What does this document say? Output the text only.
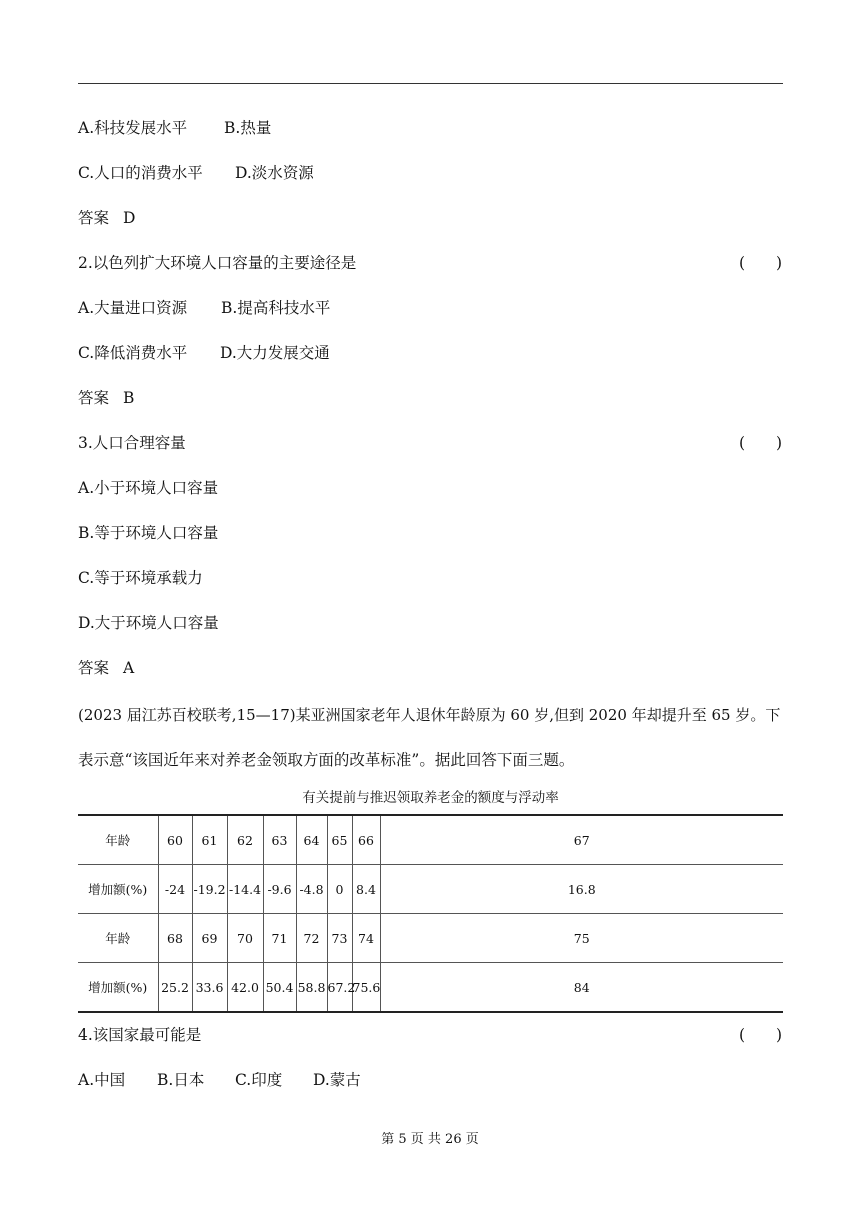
A.科技发展水平 B.热量
C.人口的消费水平 D.淡水资源
答案 D
2.以色列扩大环境人口容量的主要途径是	(　　)
A.大量进口资源 B.提高科技水平
C.降低消费水平 D.大力发展交通
答案 B
3.人口合理容量	(　　)
A.小于环境人口容量
B.等于环境人口容量
C.等于环境承载力
D.大于环境人口容量
答案 A
(2023 届江苏百校联考,15—17)某亚洲国家老年人退休年龄原为 60 岁,但到 2020 年却提升至 65 岁。下
表示意“该国近年来对养老金领取方面的改革标准”。据此回答下面三题。
有关提前与推迟领取养老金的额度与浮动率
年龄	60	61	62	63	64	65	66	67
增加额(%)	-24	-19.2	-14.4	-9.6	-4.8	0	8.4	16.8
年龄	68	69	70	71	72	73	74	75
增加额(%)	25.2	33.6	42.0	50.4	58.8	67.2	75.6	84
4.该国家最可能是	(　　)
A.中国 B.日本 C.印度 D.蒙古
第 5 页 共 26 页
